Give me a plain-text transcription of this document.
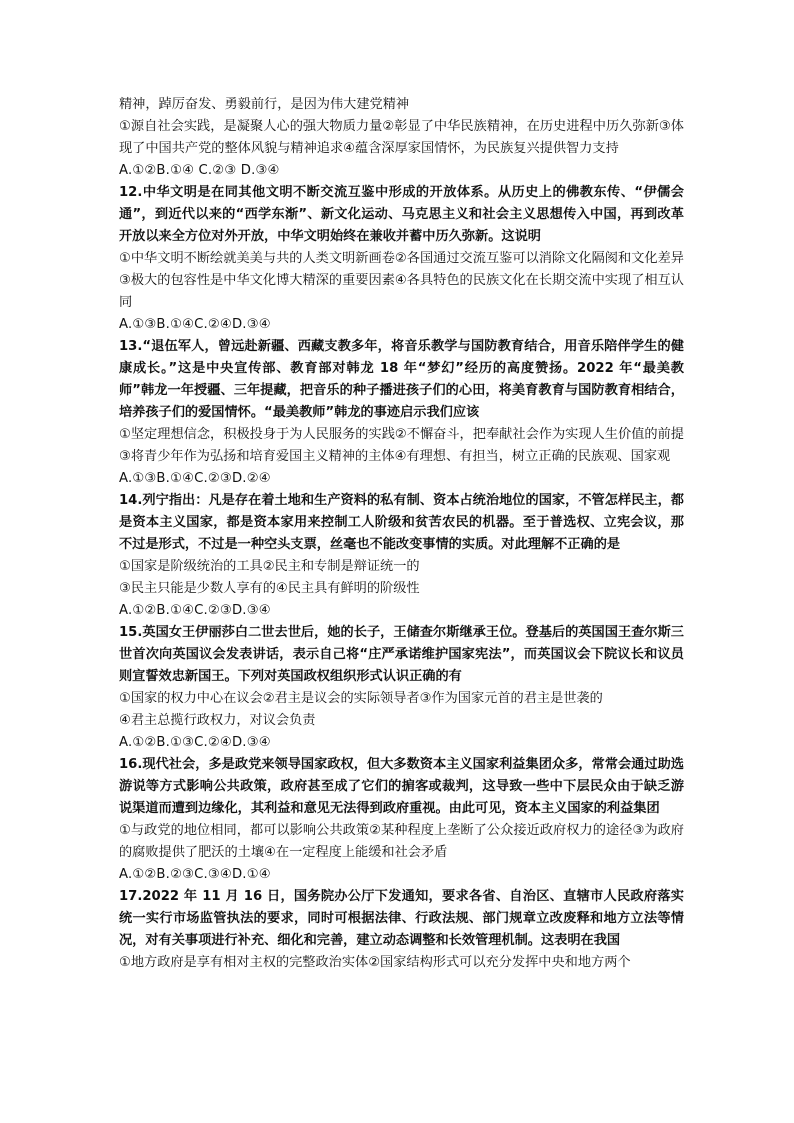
精神，踔厉奋发、勇毅前行，是因为伟大建党精神

①源自社会实践，是凝聚人心的强大物质力量②彰显了中华民族精神，在历史进程中历久弥新③体现了中国共产党的整体风貌与精神追求④蕴含深厚家国情怀，为民族复兴提供智力支持

A.①②B.①④ C.②③ D.③④

12.中华文明是在同其他文明不断交流互鉴中形成的开放体系。从历史上的佛教东传、“伊儒会通”，到近代以来的“西学东渐”、新文化运动、马克思主义和社会主义思想传入中国，再到改革开放以来全方位对外开放，中华文明始终在兼收并蓄中历久弥新。这说明

①中华文明不断绘就美美与共的人类文明新画卷②各国通过交流互鉴可以消除文化隔阂和文化差异③极大的包容性是中华文化博大精深的重要因素④各具特色的民族文化在长期交流中实现了相互认同

A.①③B.①④C.②④D.③④

13.“退伍军人，曾远赴新疆、西藏支教多年，将音乐教学与国防教育结合，用音乐陪伴学生的健康成长。”这是中央宣传部、教育部对韩龙 18 年“梦幻”经历的高度赞扬。2022 年“最美教师”韩龙一年授疆、三年提藏，把音乐的种子播进孩子们的心田，将美育教育与国防教育相结合，培养孩子们的爱国情怀。“最美教师”韩龙的事迹启示我们应该

①坚定理想信念，积极投身于为人民服务的实践②不懈奋斗，把奉献社会作为实现人生价值的前提③将青少年作为弘扬和培育爱国主义精神的主体④有理想、有担当，树立正确的民族观、国家观

A.①③B.①④C.②③D.②④

14.列宁指出：凡是存在着土地和生产资料的私有制、资本占统治地位的国家，不管怎样民主，都是资本主义国家，都是资本家用来控制工人阶级和贫苦农民的机器。至于普选权、立宪会议，那不过是形式，不过是一种空头支票，丝毫也不能改变事情的实质。对此理解不正确的是

①国家是阶级统治的工具②民主和专制是辩证统一的

③民主只能是少数人享有的④民主具有鲜明的阶级性

A.①②B.①④C.②③D.③④

15.英国女王伊丽莎白二世去世后，她的长子，王储查尔斯继承王位。登基后的英国国王查尔斯三世首次向英国议会发表讲话，表示自己将“庄严承诺维护国家宪法”，而英国议会下院议长和议员则宣誓效忠新国王。下列对英国政权组织形式认识正确的有

①国家的权力中心在议会②君主是议会的实际领导者③作为国家元首的君主是世袭的

④君主总揽行政权力，对议会负责

A.①②B.①③C.②④D.③④

16.现代社会，多是政党来领导国家政权，但大多数资本主义国家利益集团众多，常常会通过助选游说等方式影响公共政策，政府甚至成了它们的掮客或裁判，这导致一些中下层民众由于缺乏游说渠道而遭到边缘化，其利益和意见无法得到政府重视。由此可见，资本主义国家的利益集团

①与政党的地位相同，都可以影响公共政策②某种程度上垄断了公众接近政府权力的途径③为政府的腐败提供了肥沃的土壤④在一定程度上能缓和社会矛盾

A.①②B.②③C.③④D.①④

17.2022 年 11 月 16 日，国务院办公厅下发通知，要求各省、自治区、直辖市人民政府落实统一实行市场监管执法的要求，同时可根据法律、行政法规、部门规章立改废释和地方立法等情况，对有关事项进行补充、细化和完善，建立动态调整和长效管理机制。这表明在我国

①地方政府是享有相对主权的完整政治实体②国家结构形式可以充分发挥中央和地方两个
